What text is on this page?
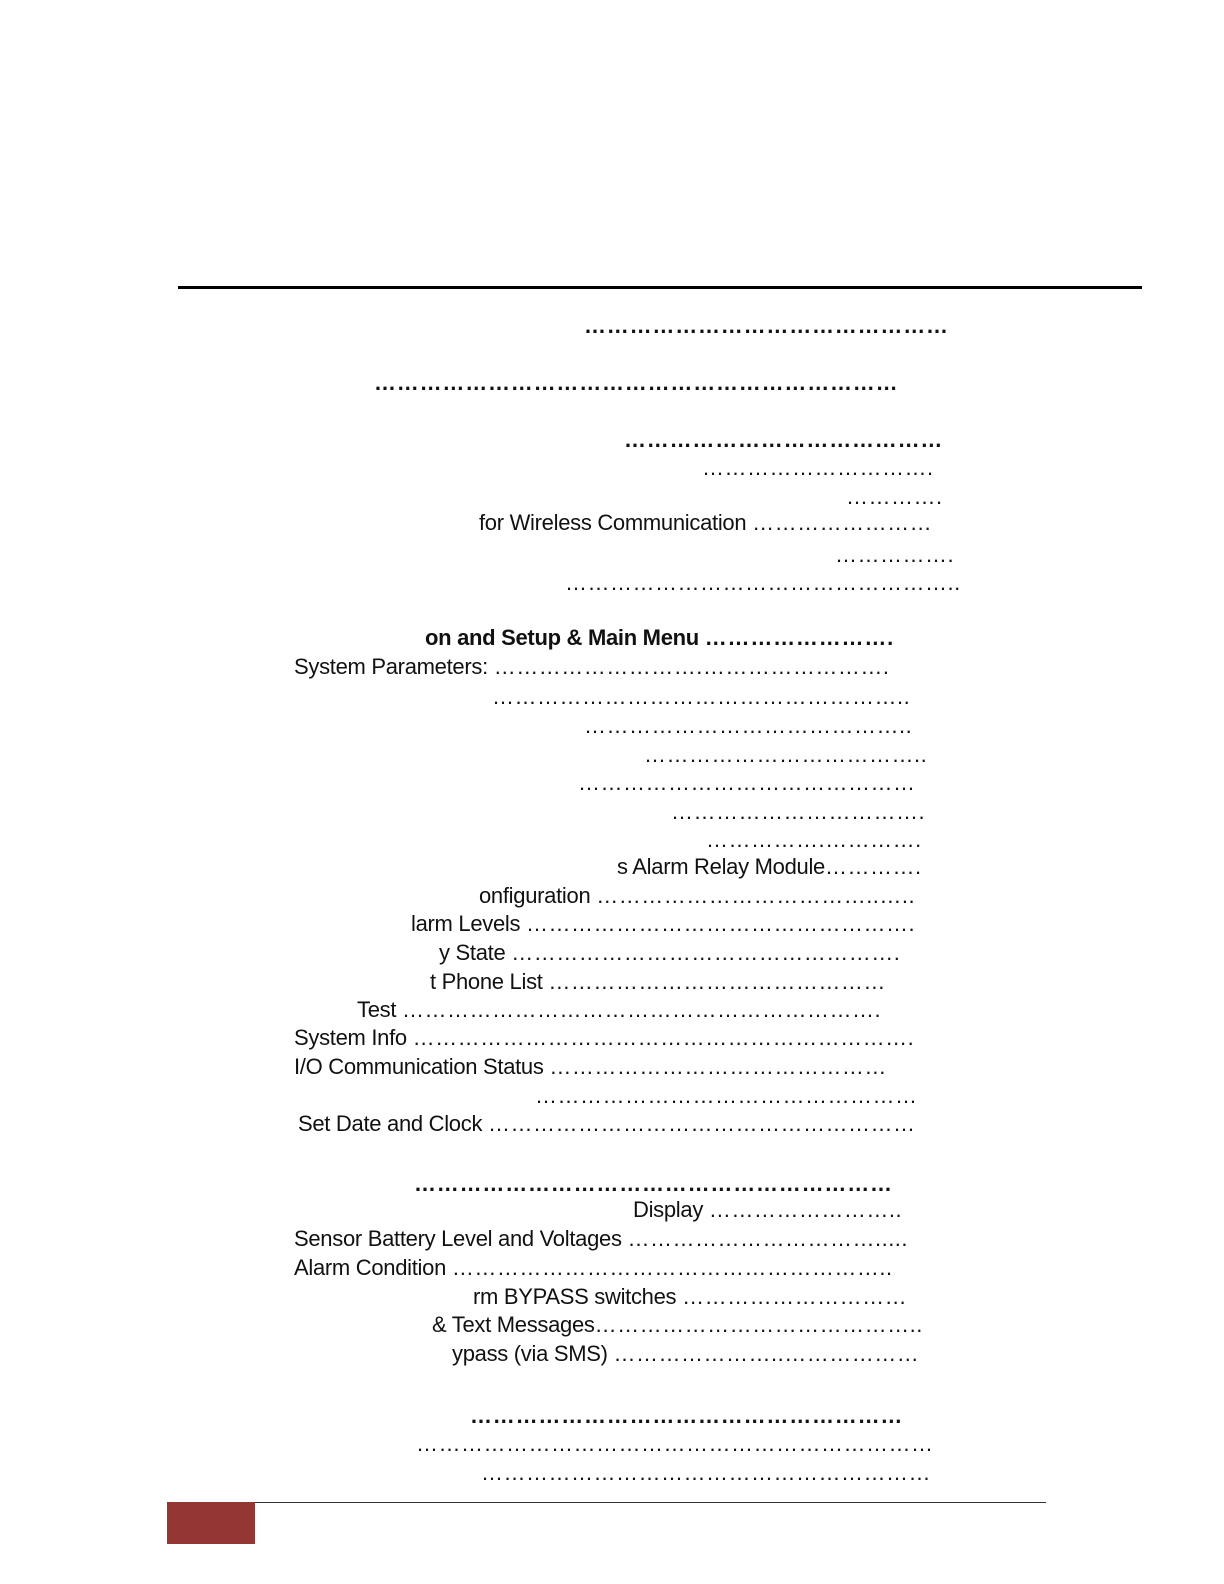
…………………………………………
……………………………………………………………
……………………………………
………………………….
………….
for Wireless Communication ……………………
…………….
……………………………………………..
on and Setup & Main Menu …………………….
System Parameters: ……………………….…………………….
………………………………………………..
……………………………………..
………………………………..
………………………………………
…………………………….
…………….………….
s Alarm Relay Module………….
onfiguration ………………………………..…..
larm Levels …………………………………………….
y State …………………………………………….
t Phone List ………………………………………
Test ……………………………………………………….
System Info ………………………………………………………….
I/O Communication Status ………………………………………
……………………………………………
Set Date and Clock …………………………………………………
………………………………………………………
Display ……………………..
Sensor Battery Level and Voltages …………………………….....
Alarm Condition …………………………………………………..
rm BYPASS switches …………………………
& Text Messages……………………………………..
ypass (via SMS) …………………..………………
…………………………………………………
……………………………………………………………
……………………………………………………
